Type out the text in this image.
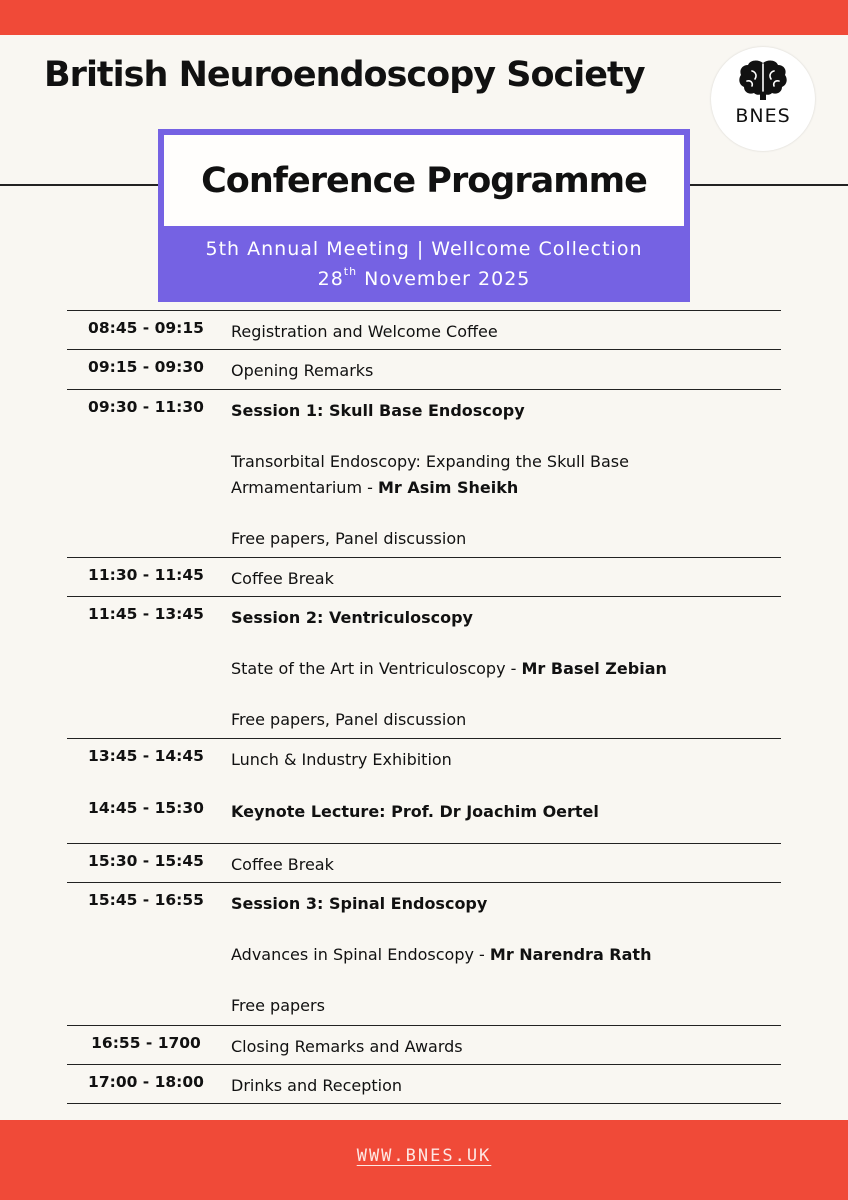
British Neuroendoscopy Society
BNES
Conference Programme
5th Annual Meeting | Wellcome Collection
28th November 2025
08:45 - 09:15	Registration and Welcome Coffee

09:15 - 09:30	Opening Remarks

09:30 - 11:30	Session 1: Skull Base Endoscopy

Transorbital Endoscopy: Expanding the Skull Base

Armamentarium - Mr Asim Sheikh

Free papers, Panel discussion

11:30 - 11:45	Coffee Break

11:45 - 13:45	Session 2: Ventriculoscopy

State of the Art in Ventriculoscopy - Mr Basel Zebian

Free papers, Panel discussion

13:45 - 14:45	Lunch & Industry Exhibition

14:45 - 15:30	Keynote Lecture: Prof. Dr Joachim Oertel

15:30 - 15:45	Coffee Break

15:45 - 16:55	Session 3: Spinal Endoscopy

Advances in Spinal Endoscopy - Mr Narendra Rath

Free papers

16:55 - 1700	Closing Remarks and Awards

17:00 - 18:00	Drinks and Reception

WWW.BNES.UK
